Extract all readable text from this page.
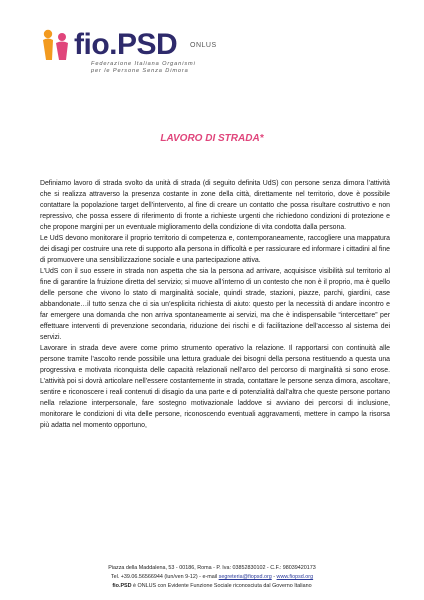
fio.PSD ONLUS
Federazione Italiana Organismi
per le Persone Senza Dimora
LAVORO DI STRADA*

Definiamo lavoro di strada svolto da unità di strada (di seguito definita UdS) con persone senza dimora l’attività che si realizza attraverso la presenza costante in zone della città, direttamente nel territorio, dove è possibile contattare la popolazione target dell’intervento, al fine di creare un contatto che possa risultare costruttivo e non repressivo, che possa essere di riferimento di fronte a richieste urgenti che richiedono condizioni di protezione e che propone margini per un eventuale miglioramento della condizione di vita condotta dalla persona.

Le UdS devono monitorare il proprio territorio di competenza e, contemporaneamente, raccogliere una mappatura dei disagi per costruire una rete di supporto alla persona in difficoltà e per rassicurare ed informare i cittadini al fine di promuovere una sensibilizzazione sociale e una partecipazione attiva.

L’UdS con il suo essere in strada non aspetta che sia la persona ad arrivare, acquisisce visibilità sul territorio al fine di garantire la fruizione diretta del servizio; si muove all’interno di un contesto che non è il proprio, ma è quello delle persone che vivono lo stato di marginalità sociale, quindi strade, stazioni, piazze, parchi, giardini, case abbandonate…il tutto senza che ci sia un’esplicita richiesta di aiuto: questo per la necessità di andare incontro e far emergere una domanda che non arriva spontaneamente ai servizi, ma che è indispensabile “intercettare” per effettuare interventi di prevenzione secondaria, riduzione dei rischi e di facilitazione dell’accesso al sistema dei servizi.

Lavorare in strada deve avere come primo strumento operativo la relazione. Il rapportarsi con continuità alle persone tramite l’ascolto rende possibile una lettura graduale dei bisogni della persona restituendo a questa una progressiva e motivata riconquista delle capacità relazionali nell’arco del percorso di marginalità si sono erose. L’attività poi si dovrà articolare nell’essere costantemente in strada, contattare le persone senza dimora, ascoltare, sentire e riconoscere i reali contenuti di disagio da una parte e di potenzialità dall’altra che queste persone portano nella relazione interpersonale, fare sostegno motivazionale laddove si avviano dei percorsi di inclusione, monitorare le condizioni di vita delle persone, riconoscendo eventuali aggravamenti, mettere in campo la risorsa più adatta nel momento opportuno,

Piazza della Maddalena, 53 - 00186, Roma - P. Iva: 03852830102 - C.F.: 98039420173
Tel. +39.06.56566944 (lun/ven 9-12) - e-mail segreteria@fiopsd.org - www.fiopsd.org
fio.PSD è ONLUS con Evidente Funzione Sociale riconosciuta dal Governo Italiano
